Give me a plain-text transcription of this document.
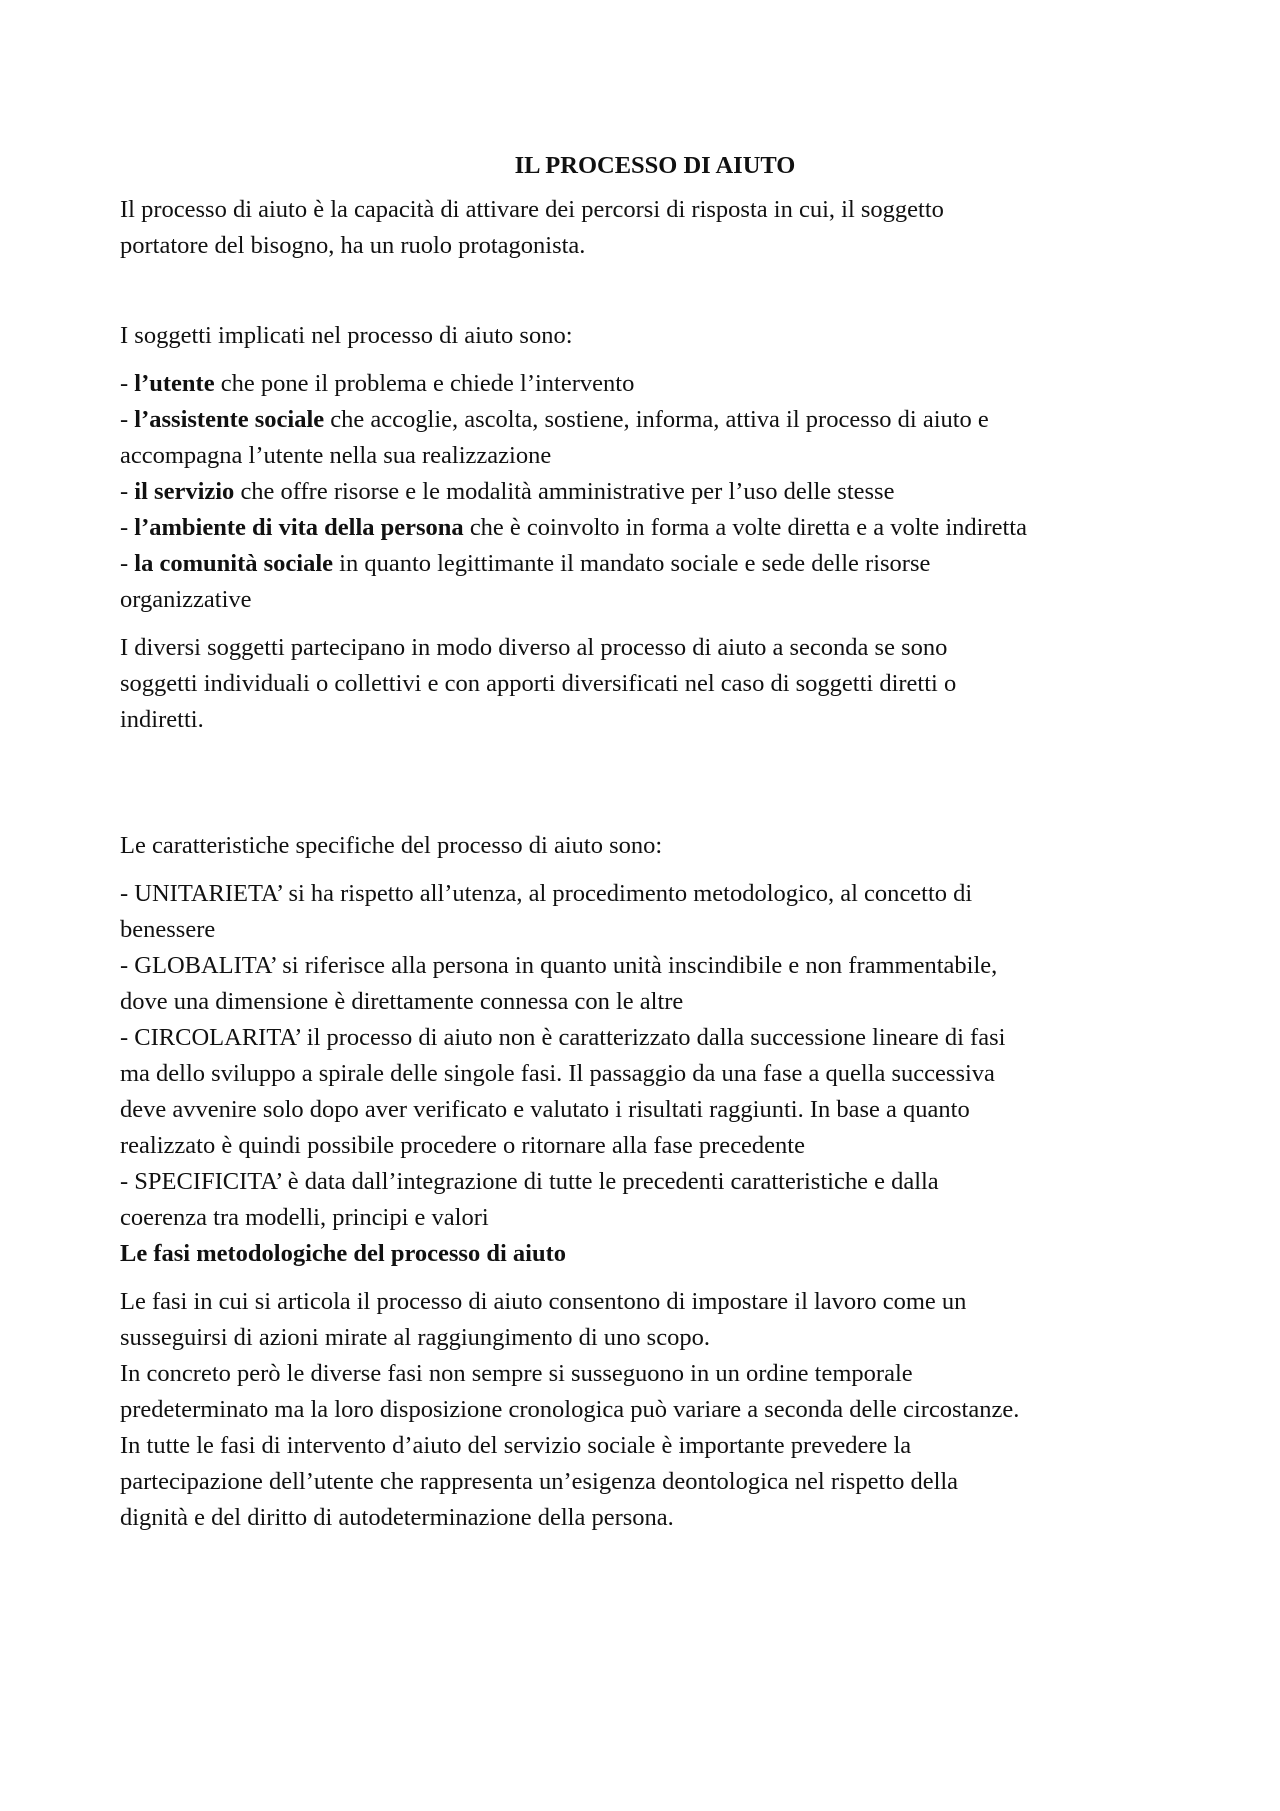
IL PROCESSO DI AIUTO

Il processo di aiuto è la capacità di attivare dei percorsi di risposta in cui, il soggetto

portatore del bisogno, ha un ruolo protagonista.

I soggetti implicati nel processo di aiuto sono:

- l’utente che pone il problema e chiede l’intervento

- l’assistente sociale che accoglie, ascolta, sostiene, informa, attiva il processo di aiuto e

accompagna l’utente nella sua realizzazione

- il servizio che offre risorse e le modalità amministrative per l’uso delle stesse

- l’ambiente di vita della persona che è coinvolto in forma a volte diretta e a volte indiretta

- la comunità sociale in quanto legittimante il mandato sociale e sede delle risorse

organizzative

I diversi soggetti partecipano in modo diverso al processo di aiuto a seconda se sono

soggetti individuali o collettivi e con apporti diversificati nel caso di soggetti diretti o

indiretti.

Le caratteristiche specifiche del processo di aiuto sono:

- UNITARIETA’ si ha rispetto all’utenza, al procedimento metodologico, al concetto di

benessere

- GLOBALITA’ si riferisce alla persona in quanto unità inscindibile e non frammentabile,

dove una dimensione è direttamente connessa con le altre

- CIRCOLARITA’ il processo di aiuto non è caratterizzato dalla successione lineare di fasi

ma dello sviluppo a spirale delle singole fasi. Il passaggio da una fase a quella successiva

deve avvenire solo dopo aver verificato e valutato i risultati raggiunti. In base a quanto

realizzato è quindi possibile procedere o ritornare alla fase precedente

- SPECIFICITA’ è data dall’integrazione di tutte le precedenti caratteristiche e dalla

coerenza tra modelli, principi e valori

Le fasi metodologiche del processo di aiuto

Le fasi in cui si articola il processo di aiuto consentono di impostare il lavoro come un

susseguirsi di azioni mirate al raggiungimento di uno scopo.

In concreto però le diverse fasi non sempre si susseguono in un ordine temporale

predeterminato ma la loro disposizione cronologica può variare a seconda delle circostanze.

In tutte le fasi di intervento d’aiuto del servizio sociale è importante prevedere la

partecipazione dell’utente che rappresenta un’esigenza deontologica nel rispetto della

dignità e del diritto di autodeterminazione della persona.
